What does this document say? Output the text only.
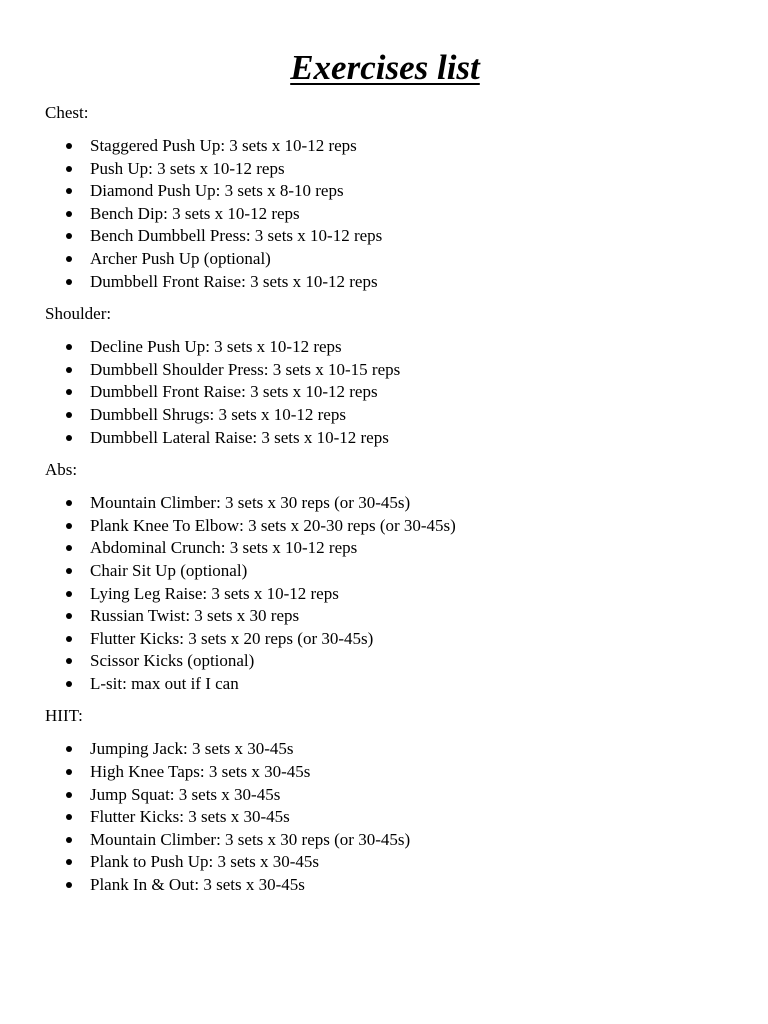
Exercises list

Chest:

Staggered Push Up: 3 sets x 10-12 reps
Push Up: 3 sets x 10-12 reps
Diamond Push Up: 3 sets x 8-10 reps
Bench Dip: 3 sets x 10-12 reps
Bench Dumbbell Press: 3 sets x 10-12 reps
Archer Push Up (optional)
Dumbbell Front Raise: 3 sets x 10-12 reps

Shoulder:

Decline Push Up: 3 sets x 10-12 reps
Dumbbell Shoulder Press: 3 sets x 10-15 reps
Dumbbell Front Raise: 3 sets x 10-12 reps
Dumbbell Shrugs: 3 sets x 10-12 reps
Dumbbell Lateral Raise: 3 sets x 10-12 reps

Abs:

Mountain Climber: 3 sets x 30 reps (or 30-45s)
Plank Knee To Elbow: 3 sets x 20-30 reps (or 30-45s)
Abdominal Crunch: 3 sets x 10-12 reps
Chair Sit Up (optional)
Lying Leg Raise: 3 sets x 10-12 reps
Russian Twist: 3 sets x 30 reps
Flutter Kicks: 3 sets x 20 reps (or 30-45s)
Scissor Kicks (optional)
L-sit: max out if I can

HIIT:

Jumping Jack: 3 sets x 30-45s
High Knee Taps: 3 sets x 30-45s
Jump Squat: 3 sets x 30-45s
Flutter Kicks: 3 sets x 30-45s
Mountain Climber: 3 sets x 30 reps (or 30-45s)
Plank to Push Up: 3 sets x 30-45s
Plank In & Out: 3 sets x 30-45s
